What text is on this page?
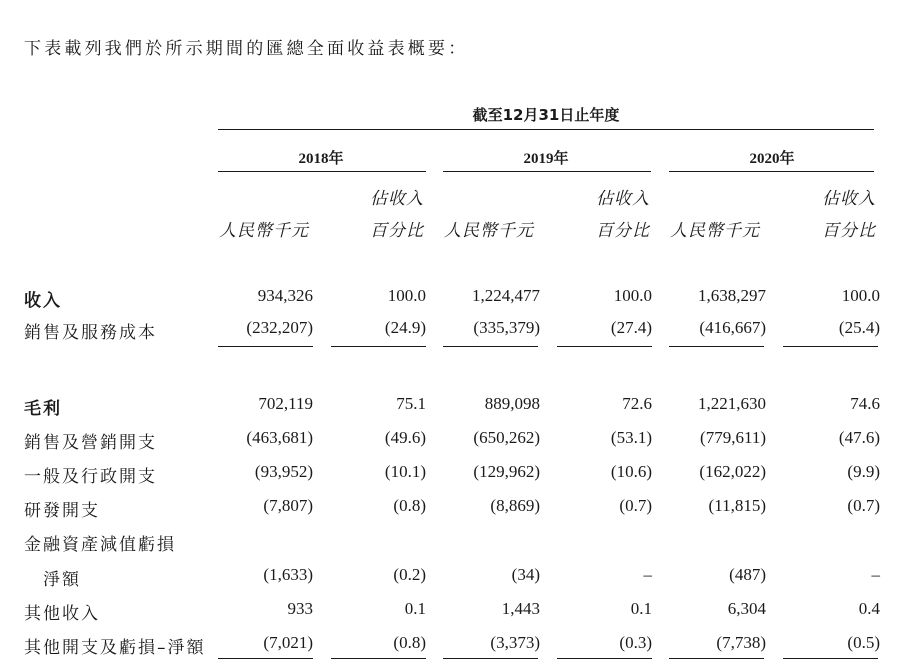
下表載列我們於所示期間的匯總全面收益表概要：
截至12月31日止年度
2018年	2019年	2020年
佔收入	佔收入	佔收入
人民幣千元	百分比 人民幣千元	百分比 人民幣千元	百分比
收入	934,326	100.0	1,224,477	100.0	1,638,297	100.0
銷售及服務成本	(232,207)	(24.9)	(335,379)	(27.4)	(416,667)	(25.4)
毛利	702,119	75.1	889,098	72.6	1,221,630	74.6
銷售及營銷開支	(463,681)	(49.6)	(650,262)	(53.1)	(779,611)	(47.6)
一般及行政開支	(93,952)	(10.1)	(129,962)	(10.6)	(162,022)	(9.9)
研發開支	(7,807)	(0.8)	(8,869)	(0.7)	(11,815)	(0.7)
金融資產減值虧損
　淨額	(1,633)	(0.2)	(34)	–	(487)	–
其他收入	933	0.1	1,443	0.1	6,304	0.4
其他開支及虧損–淨額	(7,021)	(0.8)	(3,373)	(0.3)	(7,738)	(0.5)
